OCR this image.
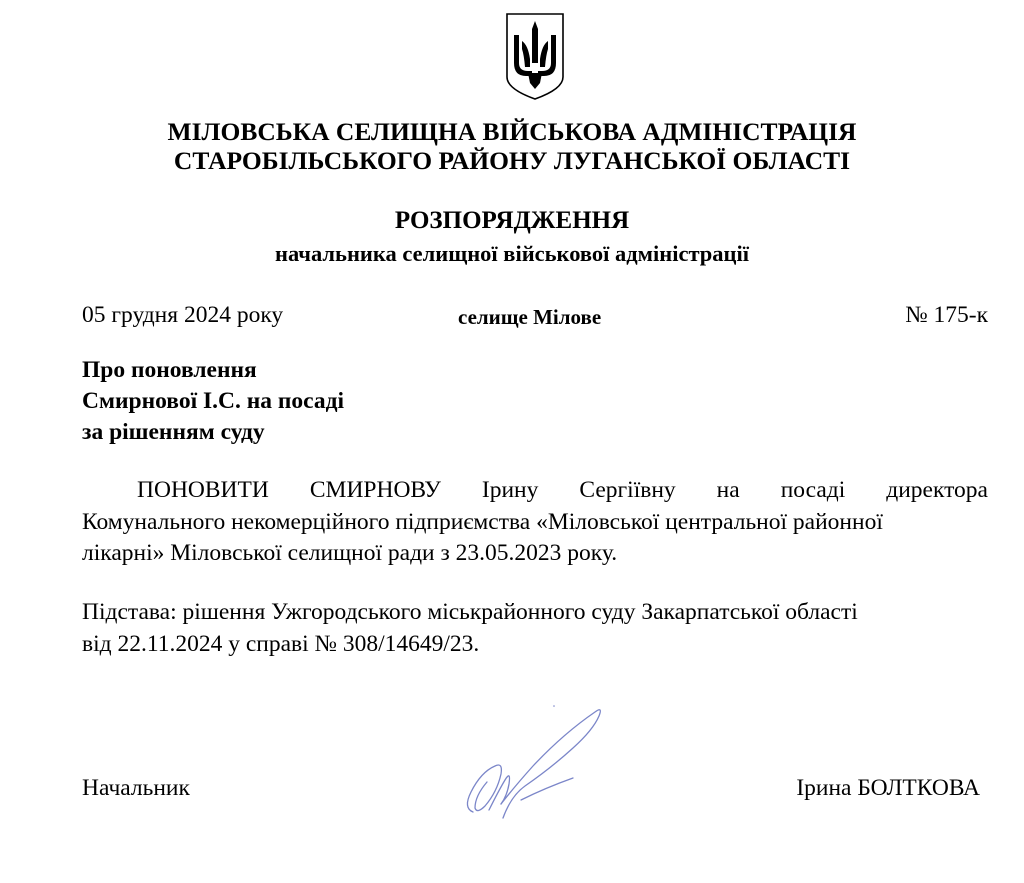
МІЛОВСЬКА СЕЛИЩНА ВІЙСЬКОВА АДМІНІСТРАЦІЯ
СТАРОБІЛЬСЬКОГО РАЙОНУ ЛУГАНСЬКОЇ ОБЛАСТІ
РОЗПОРЯДЖЕННЯ
начальника селищної військової адміністрації
05 грудня 2024 року	селище Мілове	№ 175-к
Про поновлення
Смирнової І.С. на посаді
за рішенням суду
ПОНОВИТИ СМИРНОВУ Ірину Сергіївну на посаді директора
Комунального некомерційного підприємства «Міловської центральної районної
лікарні» Міловської селищної ради з 23.05.2023 року.
Підстава: рішення Ужгородського міськрайонного суду Закарпатської області
від 22.11.2024 у справі № 308/14649/23.
Начальник	Ірина БОЛТКОВА
